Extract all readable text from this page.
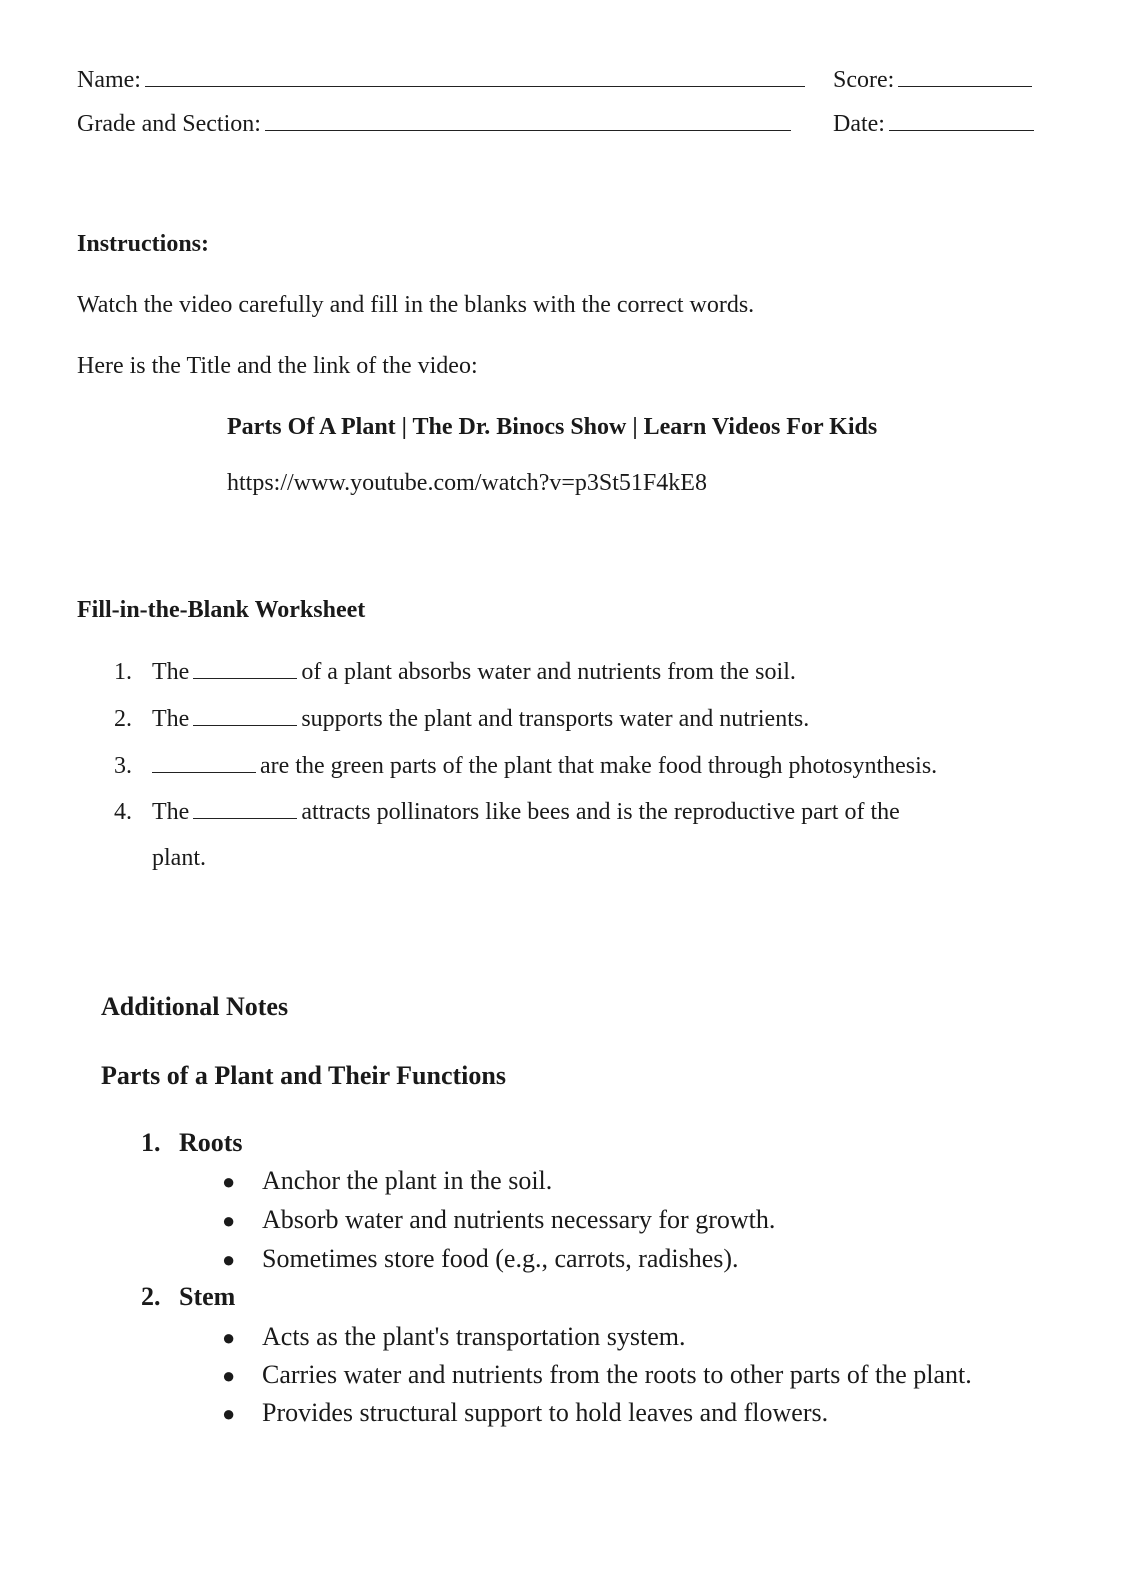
Name:	Score:
Grade and Section:	Date:
Instructions:
Watch the video carefully and fill in the blanks with the correct words.
Here is the Title and the link of the video:
Parts Of A Plant | The Dr. Binocs Show | Learn Videos For Kids
https://www.youtube.com/watch?v=p3St51F4kE8
Fill-in-the-Blank Worksheet
1. The	of a plant absorbs water and nutrients from the soil.
2. The	supports the plant and transports water and nutrients.
3.	are the green parts of the plant that make food through photosynthesis.
4. The	attracts pollinators like bees and is the reproductive part of the
plant.
Additional Notes
Parts of a Plant and Their Functions
1. Roots
● Anchor the plant in the soil.
● Absorb water and nutrients necessary for growth.
● Sometimes store food (e.g., carrots, radishes).
2. Stem
● Acts as the plant's transportation system.
● Carries water and nutrients from the roots to other parts of the plant.
● Provides structural support to hold leaves and flowers.
